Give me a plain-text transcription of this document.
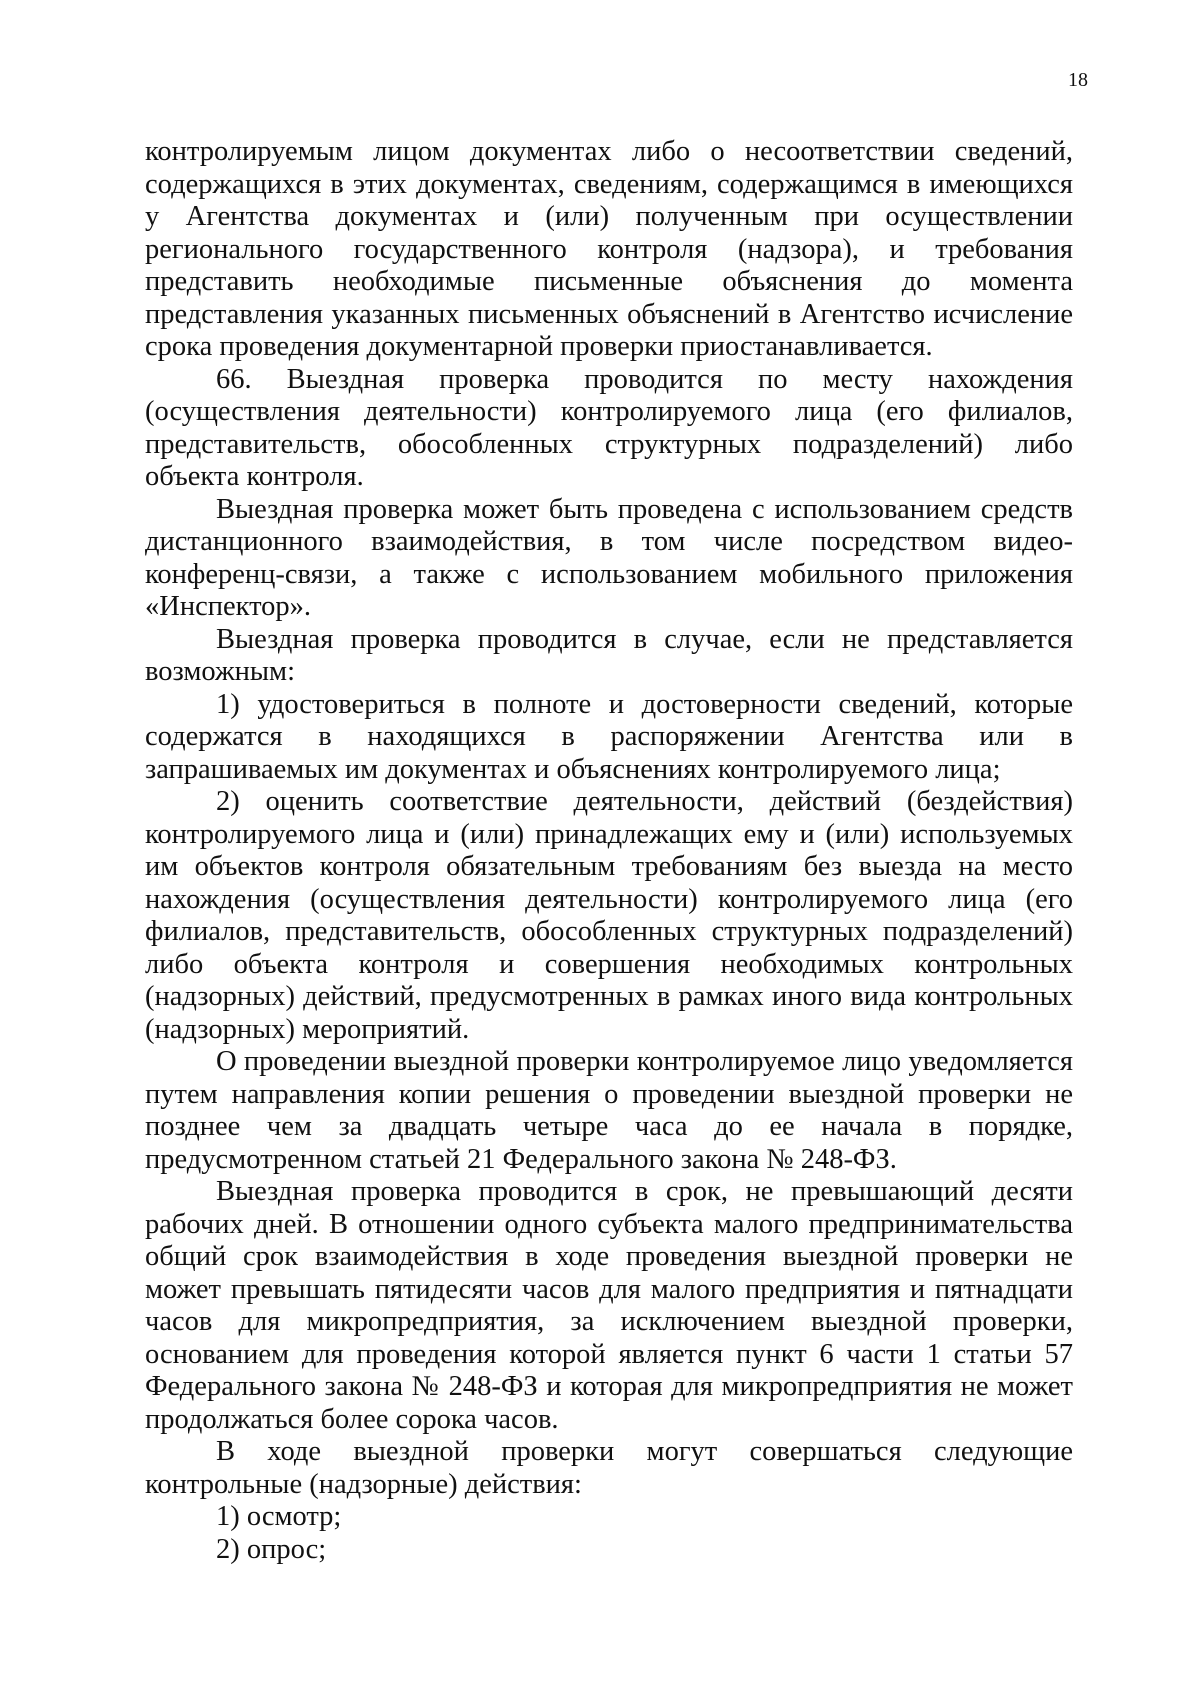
18

контролируемым лицом документах либо о несоответствии сведений, содержащихся в этих документах, сведениям, содержащимся в имеющихся у Агентства документах и (или) полученным при осуществлении регионального государственного контроля (надзора), и требования представить необходимые письменные объяснения до момента представления указанных письменных объяснений в Агентство исчисление срока проведения документарной проверки приостанавливается.

66. Выездная проверка проводится по месту нахождения (осуществления деятельности) контролируемого лица (его филиалов, представительств, обособленных структурных подразделений) либо объекта контроля.

Выездная проверка может быть проведена с использованием средств дистанционного взаимодействия, в том числе посредством видео-конференц-связи, а также с использованием мобильного приложения «Инспектор».

Выездная проверка проводится в случае, если не представляется возможным:

1) удостовериться в полноте и достоверности сведений, которые содержатся в находящихся в распоряжении Агентства или в запрашиваемых им документах и объяснениях контролируемого лица;

2) оценить соответствие деятельности, действий (бездействия) контролируемого лица и (или) принадлежащих ему и (или) используемых им объектов контроля обязательным требованиям без выезда на место нахождения (осуществления деятельности) контролируемого лица (его филиалов, представительств, обособленных структурных подразделений) либо объекта контроля и совершения необходимых контрольных (надзорных) действий, предусмотренных в рамках иного вида контрольных (надзорных) мероприятий.

О проведении выездной проверки контролируемое лицо уведомляется путем направления копии решения о проведении выездной проверки не позднее чем за двадцать четыре часа до ее начала в порядке, предусмотренном статьей 21 Федерального закона № 248-ФЗ.

Выездная проверка проводится в срок, не превышающий десяти рабочих дней. В отношении одного субъекта малого предпринимательства общий срок взаимодействия в ходе проведения выездной проверки не может превышать пятидесяти часов для малого предприятия и пятнадцати часов для микропредприятия, за исключением выездной проверки, основанием для проведения которой является пункт 6 части 1 статьи 57 Федерального закона № 248-ФЗ и которая для микропредприятия не может продолжаться более сорока часов.

В ходе выездной проверки могут совершаться следующие контрольные (надзорные) действия:

1) осмотр;

2) опрос;
